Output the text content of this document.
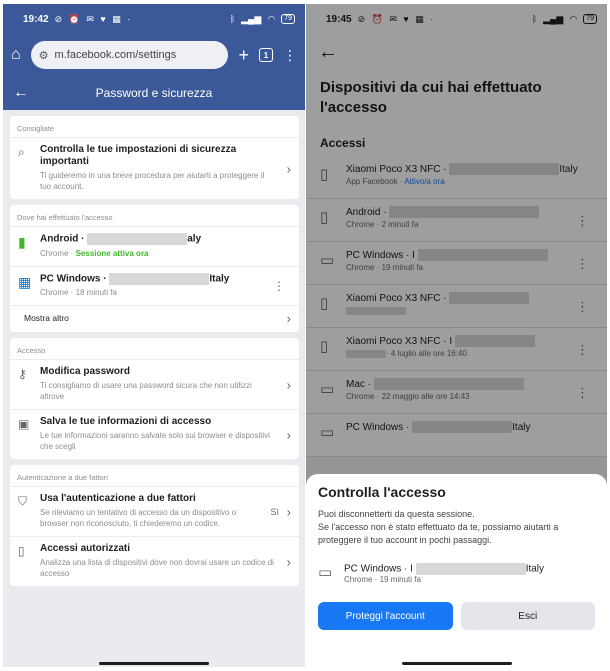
19:42 ⊘ ⏰ ✉ ♥ ▦ ·	ᛒ ▂▄▆ ◠	79
⌂ ⚙ m.facebook.com/settings	+	1	⋮
←	Password e sicurezza
Consigliate
⌕	Controlla le tue impostazioni di sicurezza importanti
Ti guideremo in una breve procedura per aiutarti a proteggere il tuo account.
›
Dove hai effettuato l'accesso
▮	Android ·	aly
Chrome · Sessione attiva ora
▦ PC Windows ·	Italy
Chrome · 18 minuti fa	⋮
Mostra altro	›
Accesso
⚷	Modifica password
Ti consigliamo di usare una password sicura che non utilizzi altrove
›
▣	Salva le tue informazioni di accesso
Le tue informazioni saranno salvate solo sui browser e dispositivi che scegli
›
Autenticazione a due fattori
⛉	Usa l'autenticazione a due fattori
Se rileviamo un tentativo di accesso da un dispositivo o browser non riconosciuto, ti chiederemo un codice.
Sì ›
▯	Accessi autorizzati
Analizza una lista di dispositivi dove non dovrai usare un codice di accesso
›
19:45 ⊘ ⏰ ✉ ♥ ▦ ·	ᛒ ▂▄▆ ◠	79
←
Dispositivi da cui hai effettuato l'accesso
Accessi
▯	Xiaomi Poco X3 NFC ·	Italy
App Facebook · Attivo/a ora
▯	Android ·
Chrome · 2 minuti fa	⋮
▭	PC Windows · I
Chrome · 19 minuti fa	⋮
▯	Xiaomi Poco X3 NFC ·
⋮
▯	Xiaomi Poco X3 NFC · I
· 4 luglio alle ore 16:40	⋮
▭	Mac ·
Chrome · 22 maggio alle ore 14:43	⋮
▭	PC Windows ·	Italy
Controlla l'accesso
Puoi disconnetterti da questa sessione.
Se l'accesso non è stato effettuato da te, possiamo aiutarti a proteggere il tuo account in pochi passaggi.
▭	PC Windows · I	Italy
Chrome · 19 minuti fa
Proteggi l'account	Esci
